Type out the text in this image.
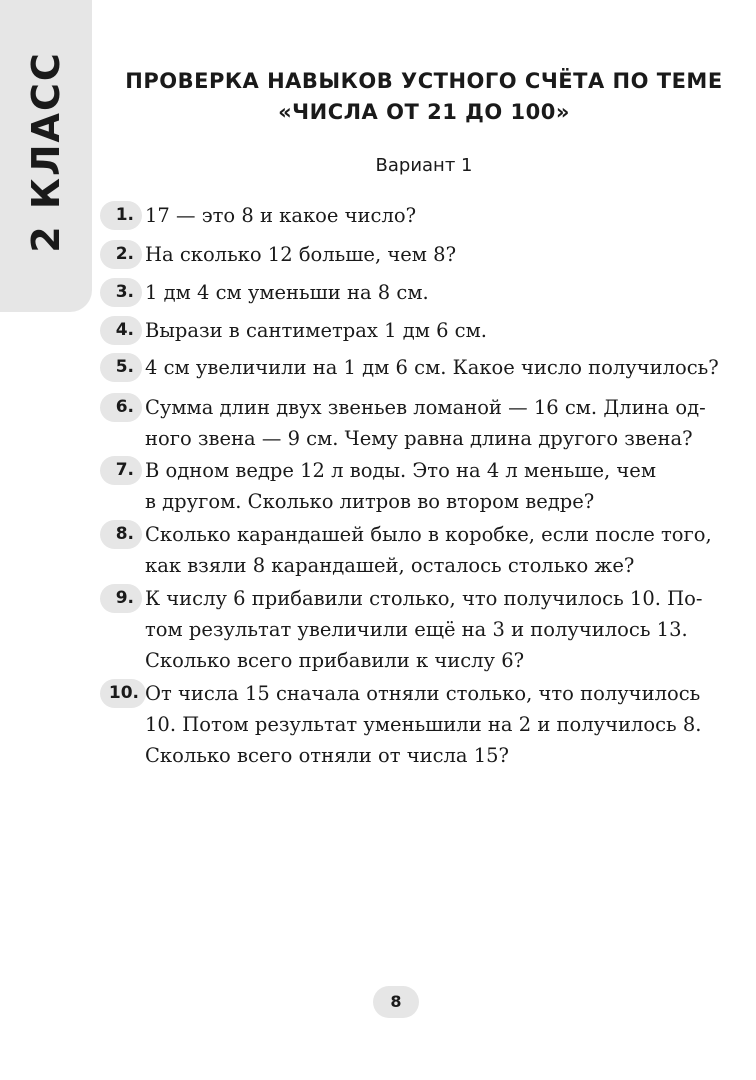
2 КЛАСС	ПРОВЕРКА НАВЫКОВ УСТНОГО СЧЁТА ПО ТЕМЕ
«ЧИСЛА ОТ 21 ДО 100»
Вариант 1
1. 17 — это 8 и какое число?
2. На сколько 12 больше, чем 8?
3. 1 дм 4 см уменьши на 8 см.
4. Вырази в сантиметрах 1 дм 6 см.
5. 4 см увеличили на 1 дм 6 см. Какое число получилось?
6. Сумма длин двух звеньев ломаной — 16 см. Длина од-
ного звена — 9 см. Чему равна длина другого звена?
7. В одном ведре 12 л воды. Это на 4 л меньше, чем
в другом. Сколько литров во втором ведре?
8. Сколько карандашей было в коробке, если после того,
как взяли 8 карандашей, осталось столько же?
9. К числу 6 прибавили столько, что получилось 10. По-
том результат увеличили ещё на 3 и получилось 13.
Сколько всего прибавили к числу 6?
10. От числа 15 сначала отняли столько, что получилось
10. Потом результат уменьшили на 2 и получилось 8.
Сколько всего отняли от числа 15?
8
